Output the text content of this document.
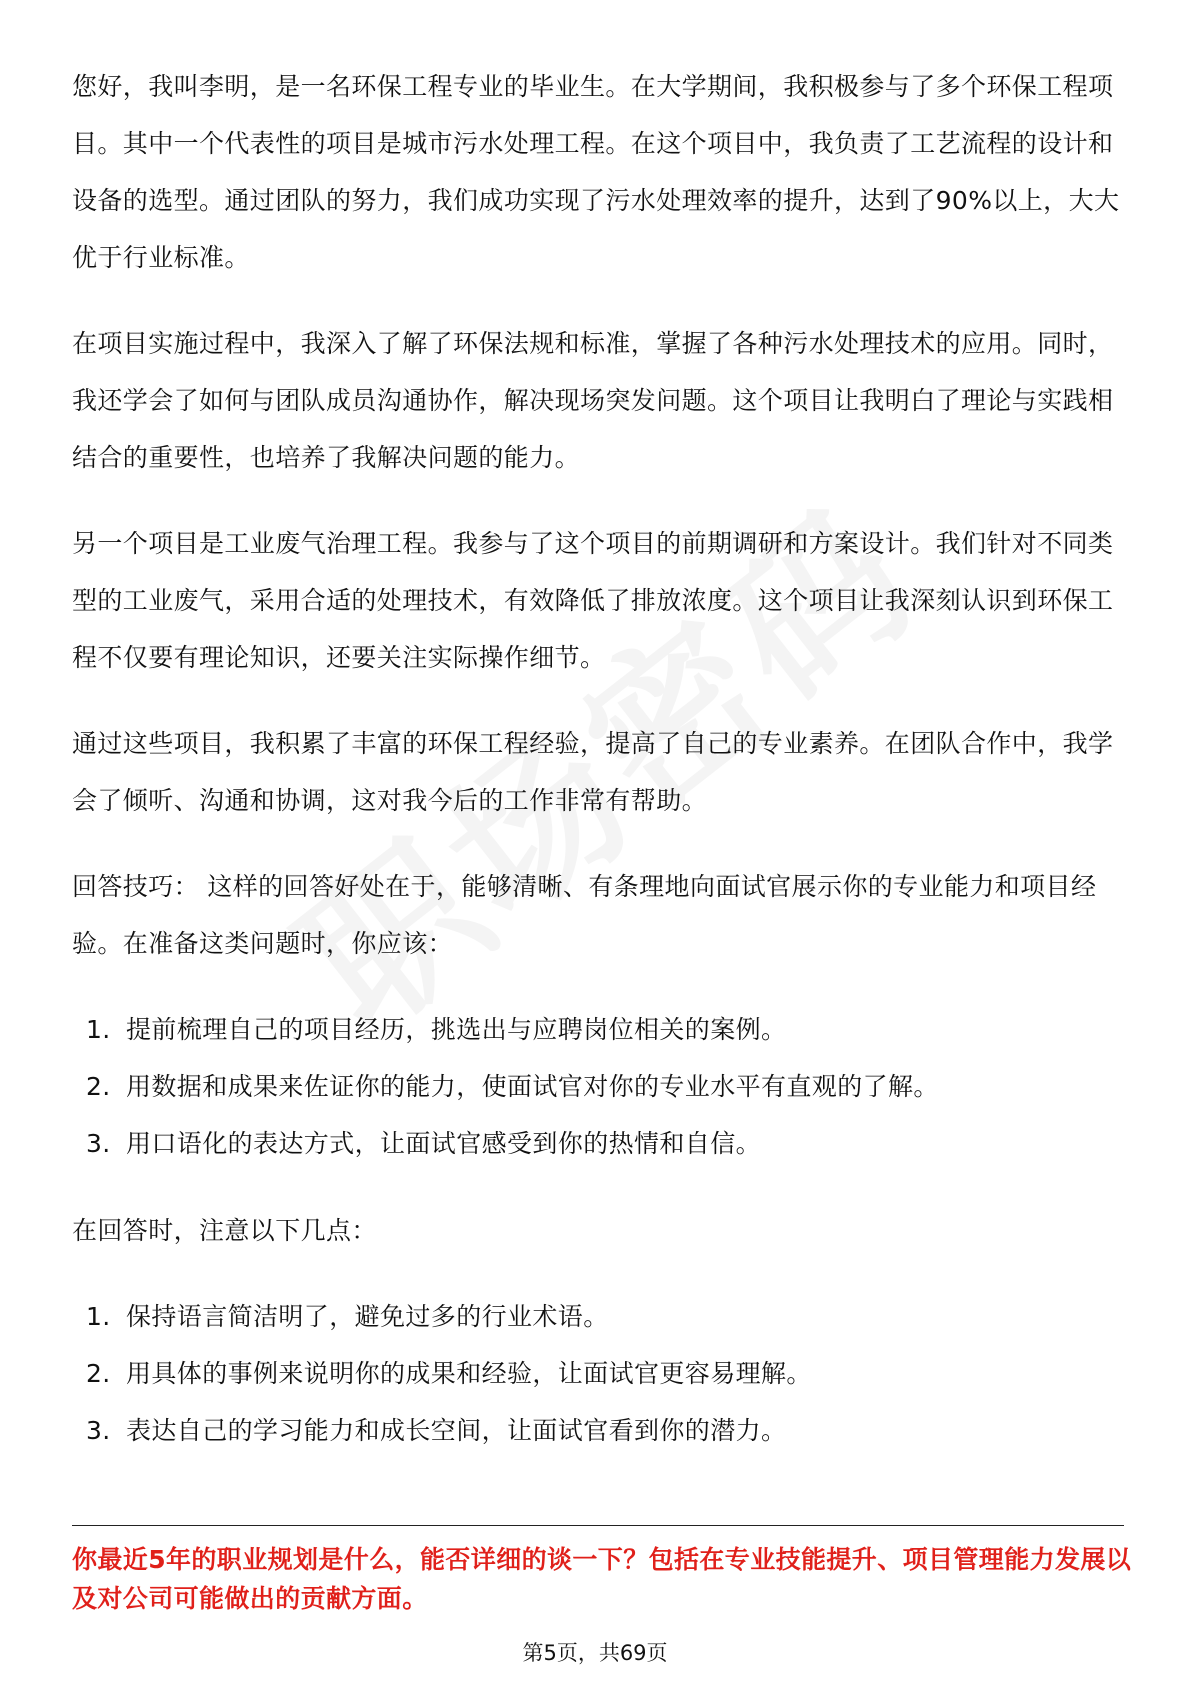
您好，我叫李明，是一名环保工程专业的毕业生。在大学期间，我积极参与了多个环保工程项目。其中一个代表性的项目是城市污水处理工程。在这个项目中，我负责了工艺流程的设计和设备的选型。通过团队的努力，我们成功实现了污水处理效率的提升，达到了90%以上，大大优于行业标准。

在项目实施过程中，我深入了解了环保法规和标准，掌握了各种污水处理技术的应用。同时，我还学会了如何与团队成员沟通协作，解决现场突发问题。这个项目让我明白了理论与实践相结合的重要性，也培养了我解决问题的能力。

另一个项目是工业废气治理工程。我参与了这个项目的前期调研和方案设计。我们针对不同类型的工业废气，采用合适的处理技术，有效降低了排放浓度。这个项目让我深刻认识到环保工程不仅要有理论知识，还要关注实际操作细节。

通过这些项目，我积累了丰富的环保工程经验，提高了自己的专业素养。在团队合作中，我学会了倾听、沟通和协调，这对我今后的工作非常有帮助。

回答技巧： 这样的回答好处在于，能够清晰、有条理地向面试官展示你的专业能力和项目经验。在准备这类问题时，你应该：

1. 提前梳理自己的项目经历，挑选出与应聘岗位相关的案例。
2. 用数据和成果来佐证你的能力，使面试官对你的专业水平有直观的了解。
3. 用口语化的表达方式，让面试官感受到你的热情和自信。

在回答时，注意以下几点：

1. 保持语言简洁明了，避免过多的行业术语。
2. 用具体的事例来说明你的成果和经验，让面试官更容易理解。
3. 表达自己的学习能力和成长空间，让面试官看到你的潜力。
你最近5年的职业规划是什么，能否详细的谈一下？包括在专业技能提升、项目管理能力发展以及对公司可能做出的贡献方面。
第5页，共69页
